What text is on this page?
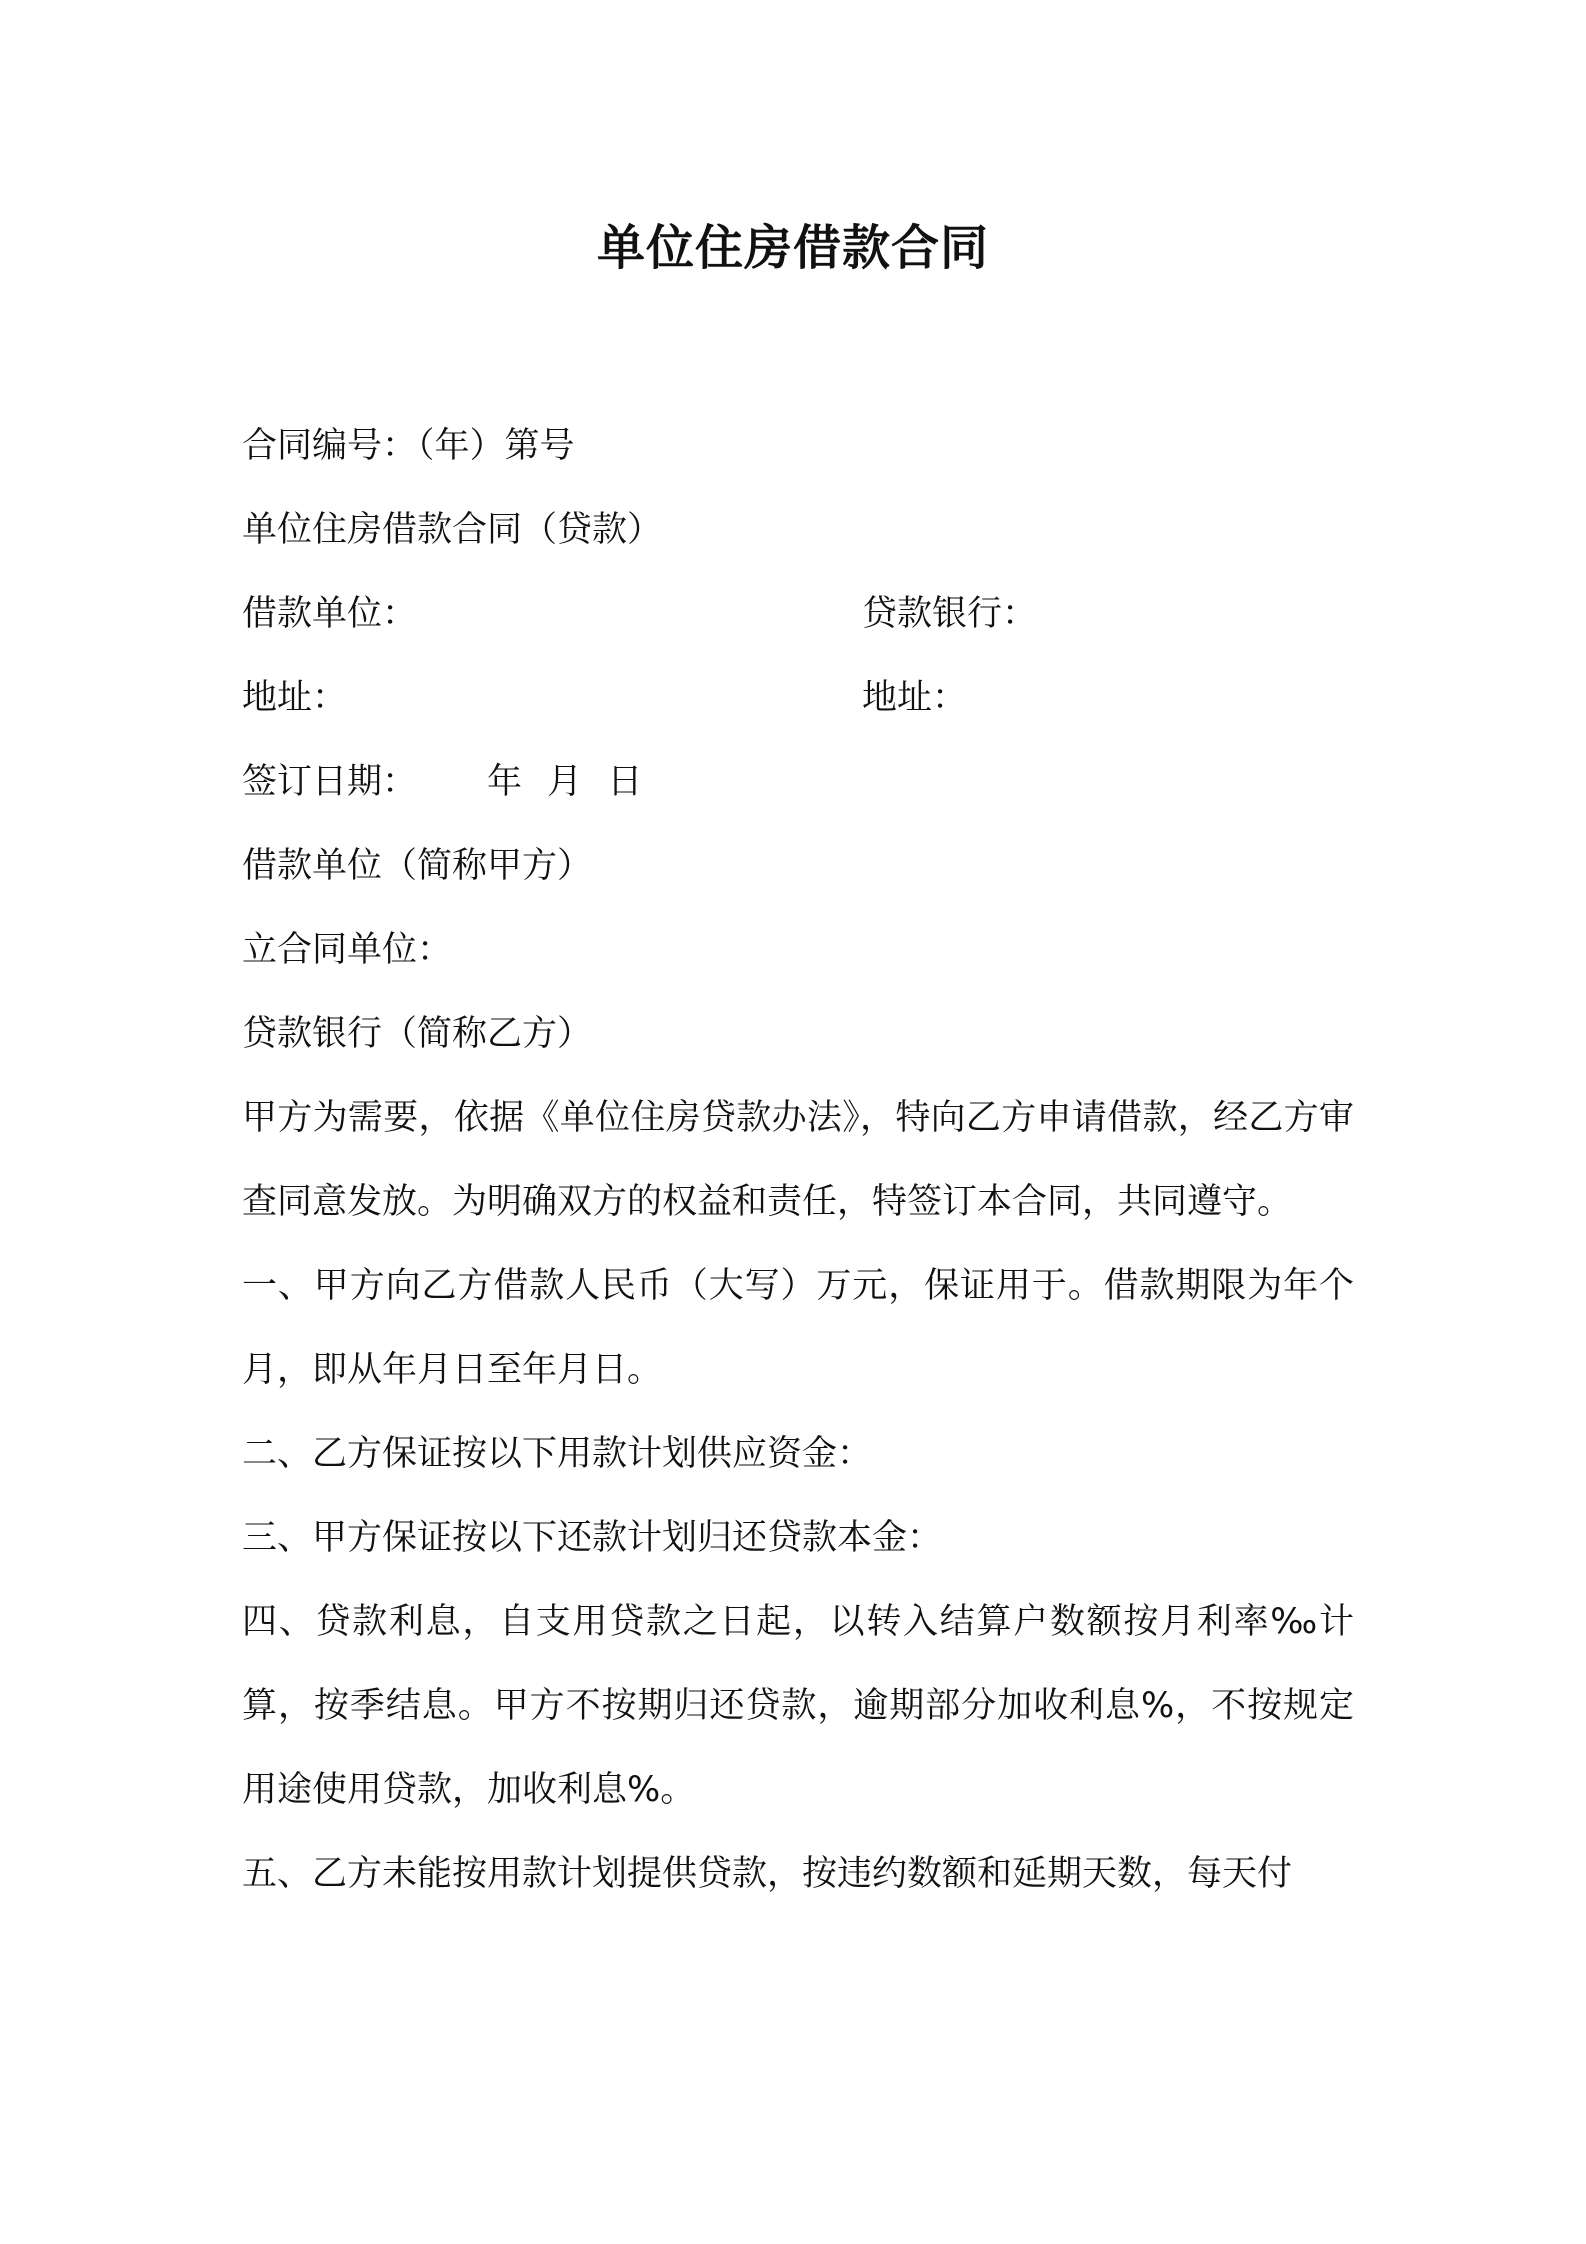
单位住房借款合同
合同编号：（年）第号
单位住房借款合同（贷款）
借款单位：	贷款银行：
地址：	地址：
签订日期： 年 月 日
借款单位（简称甲方）
立合同单位：
贷款银行（简称乙方）
甲方为需要，依据《单位住房贷款办法》，特向乙方申请借款，经乙方审查同意发放。为明确双方的权益和责任，特签订本合同，共同遵守。
一、甲方向乙方借款人民币（大写）万元，保证用于。借款期限为年个月，即从年月日至年月日。
二、乙方保证按以下用款计划供应资金：
三、甲方保证按以下还款计划归还贷款本金：
四、贷款利息，自支用贷款之日起，以转入结算户数额按月利率‰计算，按季结息。甲方不按期归还贷款，逾期部分加收利息%，不按规定用途使用贷款，加收利息%。
五、乙方未能按用款计划提供贷款，按违约数额和延期天数，每天付
